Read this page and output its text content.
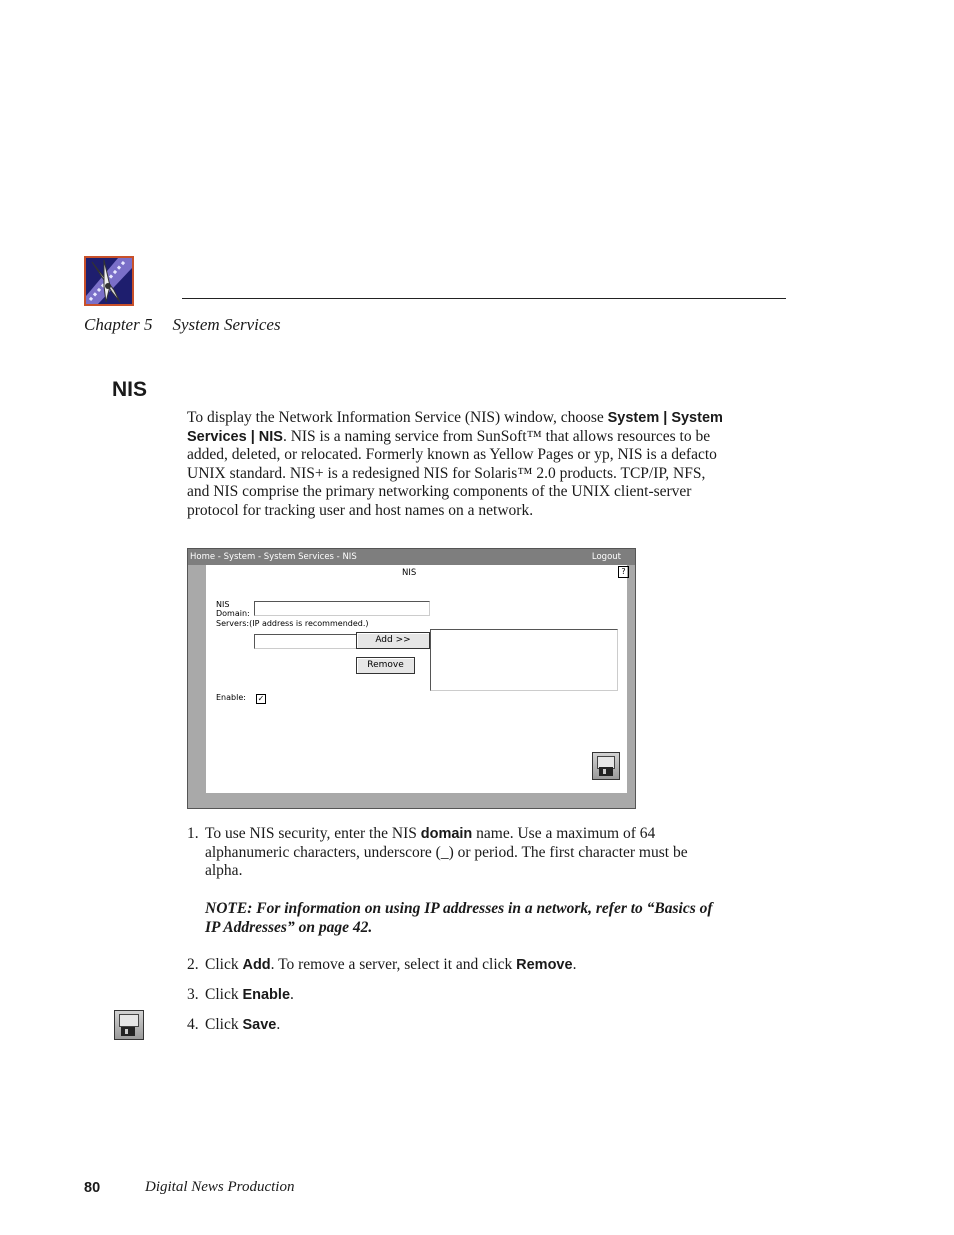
Chapter 5 System Services
NIS
To display the Network Information Service (NIS) window, choose System | System Services | NIS. NIS is a naming service from SunSoft™ that allows resources to be added, deleted, or relocated. Formerly known as Yellow Pages or yp, NIS is a defacto UNIX standard. NIS+ is a redesigned NIS for Solaris™ 2.0 products. TCP/IP, NFS, and NIS comprise the primary networking components of the UNIX client-server protocol for tracking user and host names on a network.
Home - System - System Services - NIS	Logout
NIS	?
NIS
Domain:
Servers:(IP address is recommended.)
Add >>
Remove
Enable: ✓
1. To use NIS security, enter the NIS domain name. Use a maximum of 64 alphanumeric characters, underscore (_) or period. The first character must be alpha.
NOTE: For information on using IP addresses in a network, refer to “Basics of IP Addresses” on page 42.
2. Click Add. To remove a server, select it and click Remove.
3. Click Enable.
4. Click Save.
80	Digital News Production
